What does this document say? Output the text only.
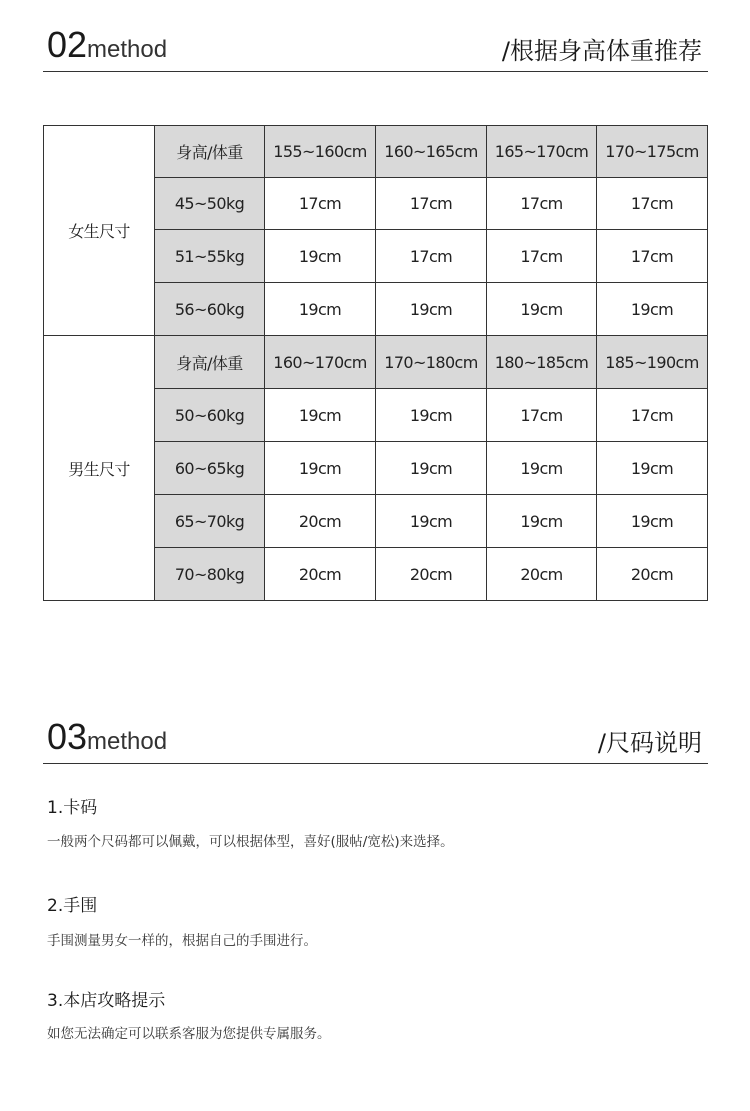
02method	/根据身高体重推荐
女生尺寸	身高/体重	155~160cm	160~165cm	165~170cm	170~175cm
	45~50kg	17cm	17cm	17cm	17cm
	51~55kg	19cm	17cm	17cm	17cm
	56~60kg	19cm	19cm	19cm	19cm
男生尺寸	身高/体重	160~170cm	170~180cm	180~185cm	185~190cm
	50~60kg	19cm	19cm	17cm	17cm
	60~65kg	19cm	19cm	19cm	19cm
	65~70kg	20cm	19cm	19cm	19cm
	70~80kg	20cm	20cm	20cm	20cm
03method	/尺码说明
1.卡码
一般两个尺码都可以佩戴，可以根据体型，喜好(服帖/宽松)来选择。
2.手围
手围测量男女一样的，根据自己的手围进行。
3.本店攻略提示
如您无法确定可以联系客服为您提供专属服务。
